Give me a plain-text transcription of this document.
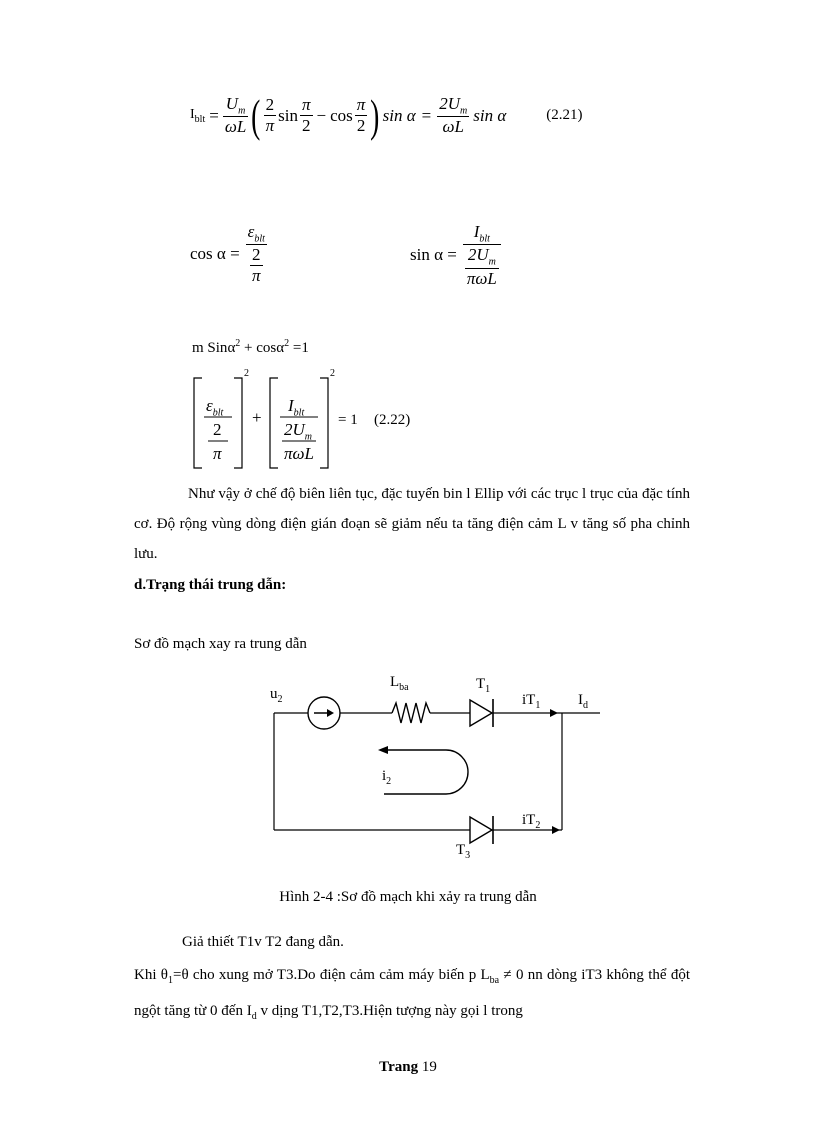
$I_{blt} = \frac{U_m}{\omega L}$ ( $\frac{2}{\pi}$ $\sin \frac{\pi}{2} - \cos \frac{\pi}{2}$ ) $\sin \alpha = \frac{2U_m}{\omega L}$ sin α	(2.21)
$\cos \alpha = \frac{\varepsilon_{blt}}{\frac{2}{\pi}}$	$\sin \alpha = \frac{I_{blt}}{\frac{2U_m}{\text{πωL}}}$
m Sinα$^2$ + cosα$^2$ =1
2	2
$\varepsilon_{blt}$
2
π
+
$I_{blt}$
$2U_m$
πωL
= 1 (2.22)
Như vậy ở chế độ biên liên tục, đặc tuyến bin l Ellip với các trục l trục của đặc tính cơ. Độ rộng vùng dòng điện gián đoạn sẽ giảm nếu ta tăng điện cảm L v tăng số pha chỉnh lưu.
d.Trạng thái trung dẫn:
Sơ đồ mạch xay ra trung dẫn
$u_2$
$L_{ba}$	$T_1$
$iT_1$	$I_d$
$i_2$
$iT_2$
$T_3$
Hình 2-4 :Sơ đồ mạch khi xảy ra trung dẫn
Giả thiết T1v T2 đang dẫn.
Khi $\theta_1=\theta$ cho xung mở T3.Do điện cảm cảm máy biến p $L_{ba} \ne 0$ nn dòng iT3 không thể đột ngột tăng từ 0 đến $I_d$ v dịng T1,T2,T3.Hiện tượng này gọi l trong
Trang 19
